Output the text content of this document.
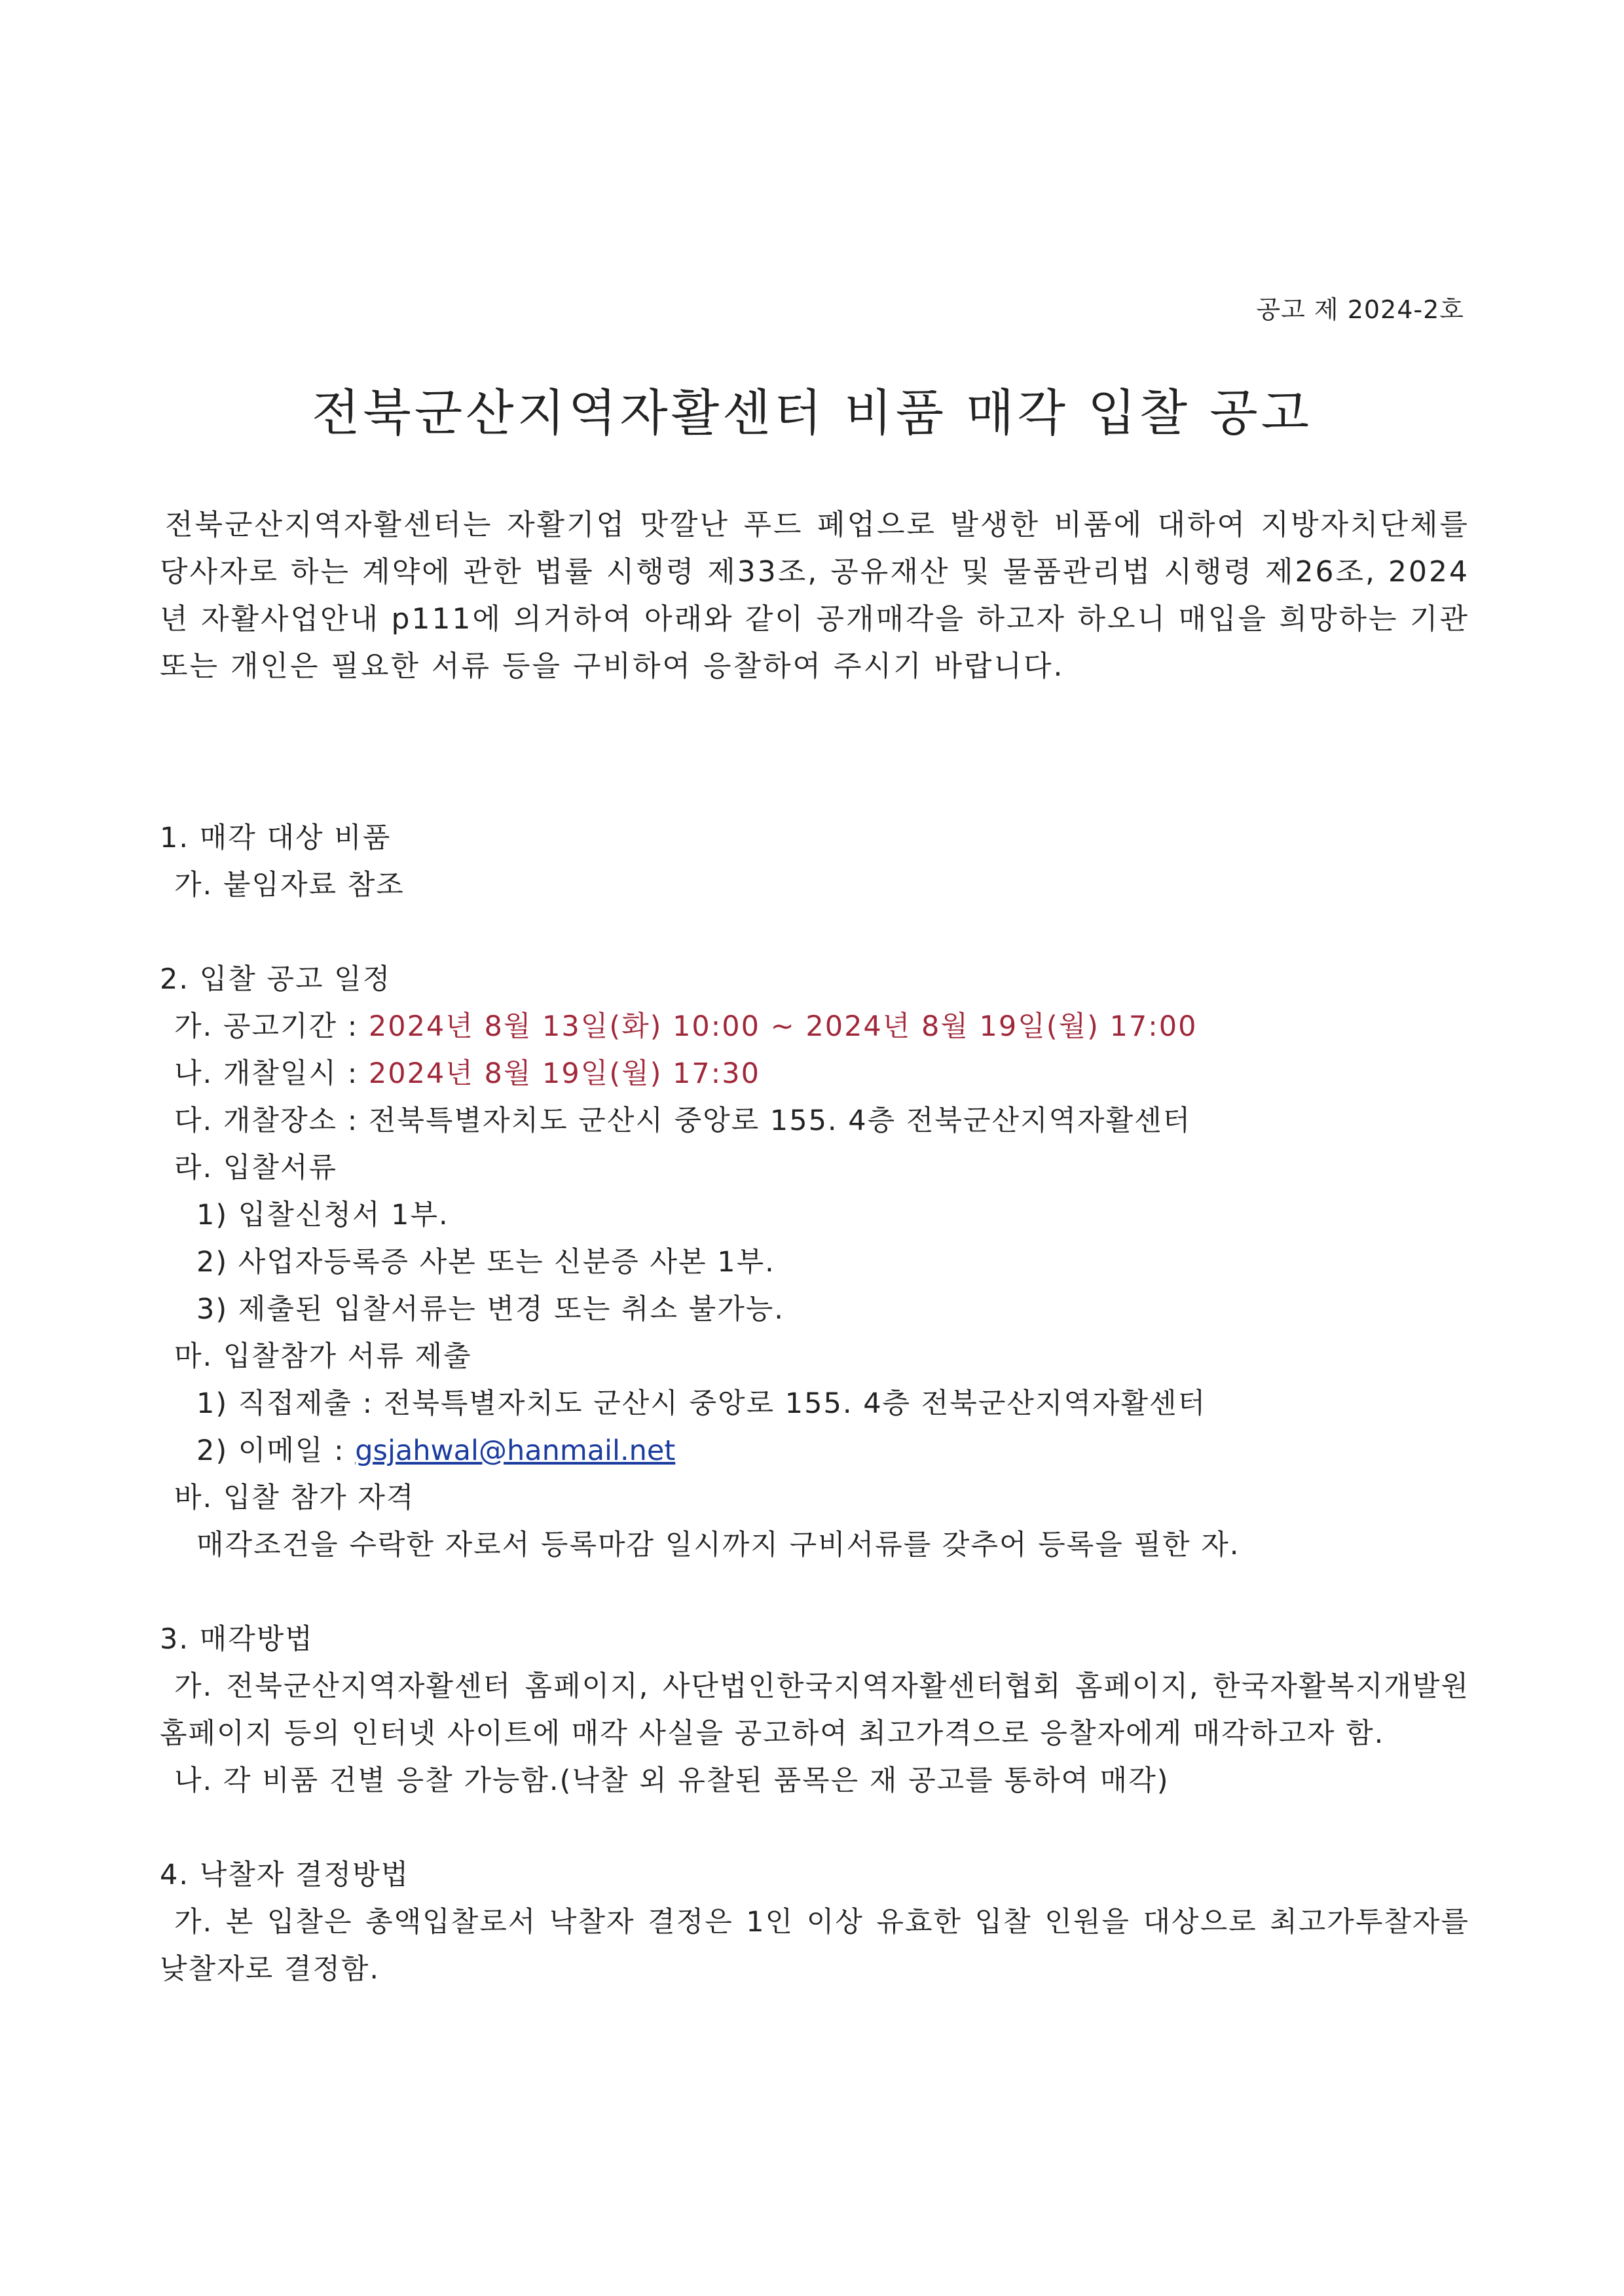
공고 제 2024-2호
전북군산지역자활센터 비품 매각 입찰 공고

전북군산지역자활센터는 자활기업 맛깔난 푸드 폐업으로 발생한 비품에 대하여 지방자치단체를 당사자로 하는 계약에 관한 법률 시행령 제33조, 공유재산 및 물품관리법 시행령 제26조, 2024년 자활사업안내 p111에 의거하여 아래와 같이 공개매각을 하고자 하오니 매입을 희망하는 기관 또는 개인은 필요한 서류 등을 구비하여 응찰하여 주시기 바랍니다.

1. 매각 대상 비품
가. 붙임자료 참조
2. 입찰 공고 일정
가. 공고기간 : 2024년 8월 13일(화) 10:00 ~ 2024년 8월 19일(월) 17:00
나. 개찰일시 : 2024년 8월 19일(월) 17:30
다. 개찰장소 : 전북특별자치도 군산시 중앙로 155. 4층 전북군산지역자활센터
라. 입찰서류
1) 입찰신청서 1부.
2) 사업자등록증 사본 또는 신분증 사본 1부.
3) 제출된 입찰서류는 변경 또는 취소 불가능.
마. 입찰참가 서류 제출
1) 직접제출 : 전북특별자치도 군산시 중앙로 155. 4층 전북군산지역자활센터
2) 이메일 : gsjahwal@hanmail.net
바. 입찰 참가 자격
매각조건을 수락한 자로서 등록마감 일시까지 구비서류를 갖추어 등록을 필한 자.
3. 매각방법

가. 전북군산지역자활센터 홈페이지, 사단법인한국지역자활센터협회 홈페이지, 한국자활복지개발원 홈페이지 등의 인터넷 사이트에 매각 사실을 공고하여 최고가격으로 응찰자에게 매각하고자 함.

나. 각 비품 건별 응찰 가능함.(낙찰 외 유찰된 품목은 재 공고를 통하여 매각)
4. 낙찰자 결정방법

가. 본 입찰은 총액입찰로서 낙찰자 결정은 1인 이상 유효한 입찰 인원을 대상으로 최고가투찰자를 낮찰자로 결정함.
